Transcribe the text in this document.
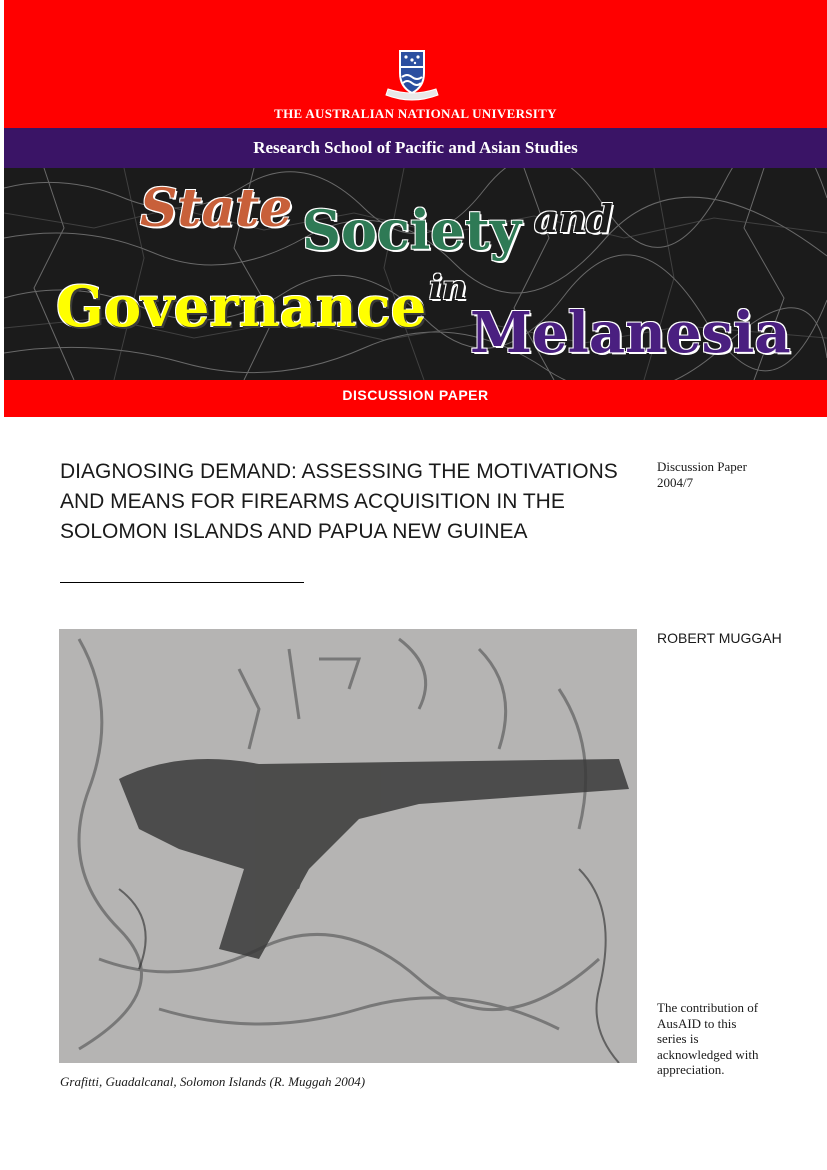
THE AUSTRALIAN NATIONAL UNIVERSITY
Research School of Pacific and Asian Studies
State Society and
Governance in
Melanesia
DISCUSSION PAPER
DIAGNOSING DEMAND: ASSESSING THE MOTIVATIONS AND MEANS FOR FIREARMS ACQUISITION IN THE SOLOMON ISLANDS AND PAPUA NEW GUINEA
Discussion Paper 2004/7
ROBERT MUGGAH
Grafitti, Guadalcanal, Solomon Islands (R. Muggah 2004)
The contribution of AusAID to this series is acknowledged with appreciation.
